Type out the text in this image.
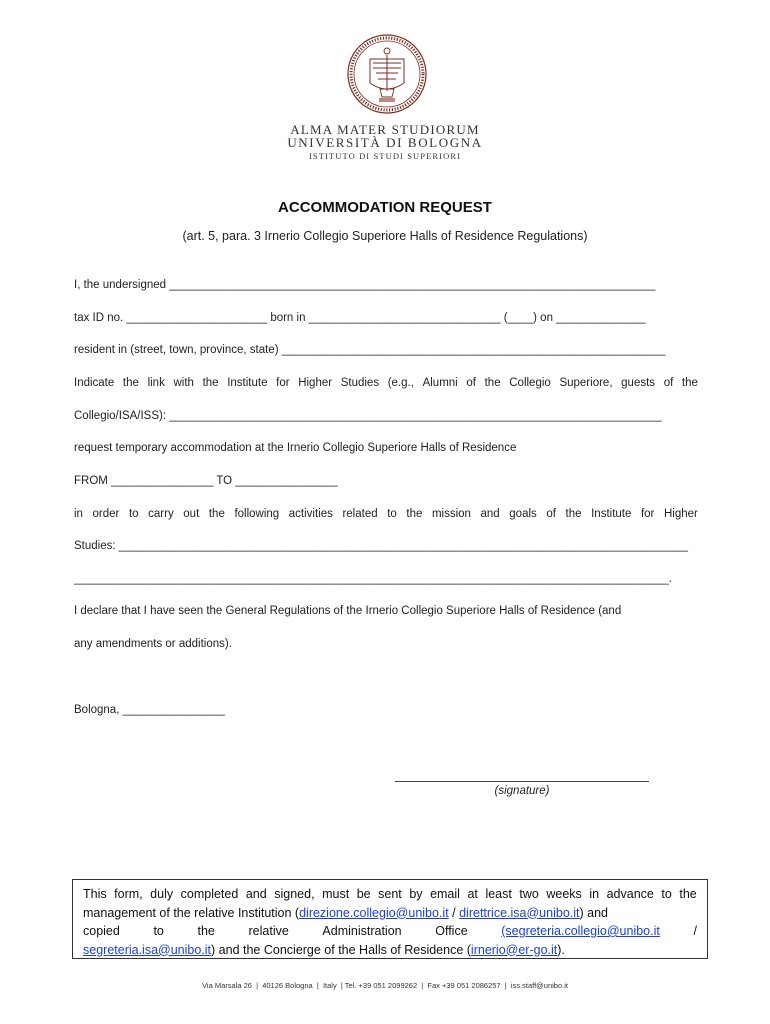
ALMA MATER STUDIORUM
UNIVERSITÀ DI BOLOGNA
ISTITUTO DI STUDI SUPERIORI
ACCOMMODATION REQUEST
(art. 5, para. 3 Irnerio Collegio Superiore Halls of Residence Regulations)
I, the undersigned ____________________________________________________________________________
tax ID no. ______________________ born in ______________________________ (____) on ______________
resident in (street, town, province, state) ____________________________________________________________
Indicate the link with the Institute for Higher Studies (e.g., Alumni of the Collegio Superiore, guests of the
Collegio/ISA/ISS): _____________________________________________________________________________
request temporary accommodation at the Irnerio Collegio Superiore Halls of Residence
FROM ________________ TO ________________
in order to carry out the following activities related to the mission and goals of the Institute for Higher
Studies: _________________________________________________________________________________________
_____________________________________________________________________________________________.
I declare that I have seen the General Regulations of the Irnerio Collegio Superiore Halls of Residence (and
any amendments or additions).
Bologna, ________________
(signature)
This form, duly completed and signed, must be sent by email at least two weeks in advance to the
management of the relative Institution ( direzione.collegio@unibo.it / direttrice.isa@unibo.it ) and
copied	to	the	relative	Administration	Office	(segreteria.collegio@unibo.it	/
segreteria.isa@unibo.it ) and the Concierge of the Halls of Residence ( irnerio@er-go.it ).
Via Marsala 26  |  40126 Bologna  |  Italy  | Tel. +39 051 2099262  |  Fax +39 051 2086257  |  iss.staff@unibo.it
